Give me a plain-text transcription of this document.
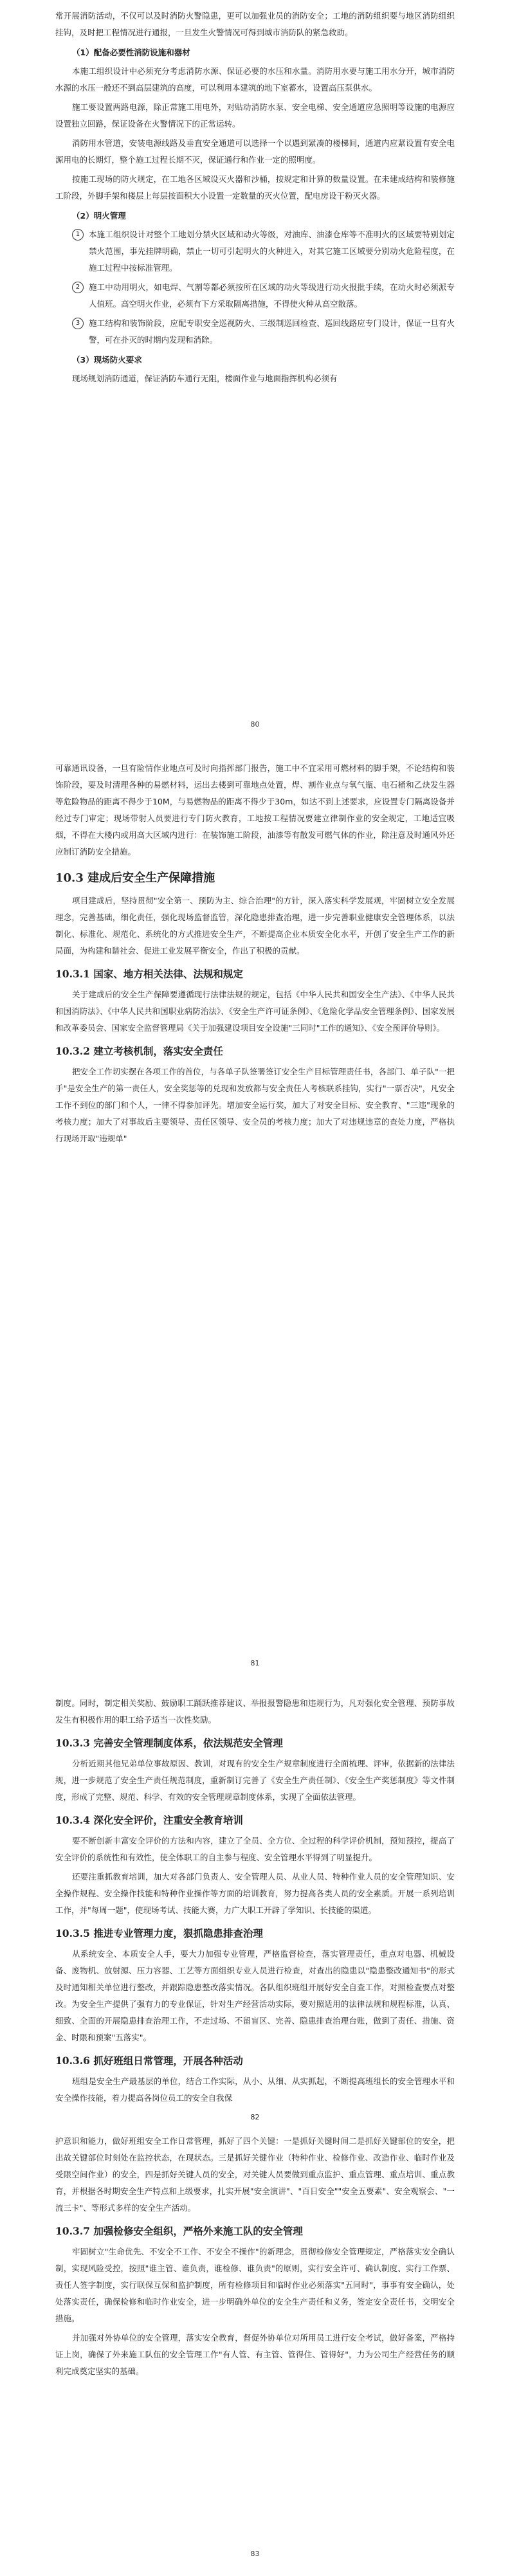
常开展消防活动，不仅可以及时消防火警隐患，更可以加强业员的消防安全；工地的消防组织要与地区消防组织挂钩，及时把工程情况进行通报，一旦发生火警情况可得到城市消防队的紧急救助。

（1）配备必要性消防设施和器材

本施工组织设计中必须充分考虑消防水源、保证必要的水压和水量。消防用水要与施工用水分开，城市消防水源的水压一般还不到高层建筑的高度，可以利用本建筑的地下室蓄水，设置高压泵供水。

施工要设置两路电源，除正常施工用电外，对贴动消防水泵、安全电梯、安全通道应急照明等设施的电源应设置独立回路，保证设备在火警情况下的正常运转。

消防用水管道，安装电源线路及垂直安全通道可以选择一个以遇到紧凑的楼梯间，通道内应紧设置有安全电源用电的长期灯，整个施工过程长期不灭，保证通行和作业一定的照明度。

按施工现场的防火规定，在工地各区域设灭火器和沙桶，按规定和计算的数量设置。在未建成结构和装修施工阶段，外脚手架和楼层上每层按面积大小设置一定数量的灭火位置，配电房设干粉灭火器。

（2）明火管理
1	本施工组织设计对整个工地划分禁火区域和动火等级，对油库、油漆仓库等不准明火的区域要特别划定禁火范围，事先挂牌明确，禁止一切可引起明火的火种进入，对其它施工区域要分别动火危险程度，在施工过程中按标准管理。
2	施工中动用明火，如电焊、气割等都必须按所在区域的动火等级进行动火报批手续，在动火时必须派专人值班。高空明火作业，必须有下方采取隔离措施，不得使火种从高空散落。
3	施工结构和装饰阶段，应配专职安全巡视防火、三级制巡回检查、巡回线路应专门设计，保证一旦有火警，可在扑灭的时期内发现和消除。
（3）现场防火要求

现场规划消防通道，保证消防车通行无阻，楼面作业与地面指挥机构必须有

80

可靠通讯设备，一旦有险情作业地点可及时向指挥部门报告，施工中不宜采用可燃材料的脚手架，不论结构和装饰阶段，要及时清理各种的易燃材料，运出去楼到可靠地点处置，焊、割作业点与氧气瓶、电石桶和乙炔发生器等危险物品的距离不得少于10M，与易燃物品的距离不得少于30m，如达不到上述要求，应设置专门隔离设备并经过专门审定；现场带射人员要进行专门防火教育，工地按工程情况要建立律制作业的安全规定，工地适宜吸烟，不得在大楼内或用高大区域内进行：在装饰施工阶段，油漆等有散发可燃气体的作业，除注意及时通风外还应制订消防安全措施。

10.3 建成后安全生产保障措施

项目建成后，坚持贯彻"安全第一、预防为主、综合治理"的方针，深入落实科学发展观，牢固树立安全发展理念，完善基础，细化责任，强化现场监督监管，深化隐患排查治理，进一步完善职业健康安全管理体系，以法制化、标准化、规范化、系统化的方式推进安全生产，不断提高企业本质安全化水平，开创了安全生产工作的新局面，为构建和谐社会、促进工业发展平衡安全，作出了积极的贡献。

10.3.1 国家、地方相关法律、法规和规定

关于建成后的安全生产保障要遵循现行法律法规的规定，包括《中华人民共和国安全生产法》、《中华人民共和国消防法》、《中华人民共和国职业病防治法》、《安全生产许可证条例》、《危险化学品安全管理条例》、国家发展和改革委员会、国家安全监督管理局《关于加强建设项目安全设施"三同时"工作的通知》、《安全预评价导则》。

10.3.2 建立考核机制，落实安全责任

把安全工作切实摆在各项工作的首位，与各单子队签署签订安全生产目标管理责任书，各部门、单子队"一把手"是安全生产的第一责任人，安全奖惩等的兑现和发放都与安全责任人考核联系挂钩，实行"一票否决"，凡安全工作不到位的部门和个人，一律不得参加评先。增加安全运行奖，加大了对安全目标、安全教育、"三违"现象的考核力度；加大了对事故后主要领导、责任区领导、安全员的考核力度；加大了对违规违章的查处力度，严格执行现场开取"违规单"

81

制度。同时，制定相关奖励、鼓励职工踊跃推荐建议、举报报警隐患和违规行为，凡对强化安全管理、预防事故发生有积极作用的职工给予适当一次性奖励。

10.3.3 完善安全管理制度体系，依法规范安全管理

分析近期其他兄弟单位事故原因、教训，对现有的安全生产规章制度进行全面梳理、评审，依据新的法律法规，进一步规范了安全生产责任规范制度，重新制订完善了《安全生产责任制》、《安全生产奖惩制度》等文件制度，形成了完整、规范、科学、有效的安全管理规章制度体系，实现了全面依法管理。

10.3.4 深化安全评价，注重安全教育培训

要不断创新丰富安全评价的方法和内容，建立了全员、全方位、全过程的科学评价机制，预知预控，提高了安全评价的系统性和有效性，使全体职工的自主参与程度、安全管理水平得到了明显提升。

还要注重抓教育培训，加大对各部门负责人、安全管理人员、从业人员、特种作业人员的安全管理知识、安全操作规程、安全操作技能和特种作业操作等方面的培训教育，努力提高各类人员的安全素质。开展一系列培训工作，并"每周一题"，使现场考试、技能大赛，力广大职工开辟了学知识、长技能的渠道。

10.3.5 推进专业管理力度，狠抓隐患排查治理

从系统安全、本质安全人手，要大力加强专业管理，严格监督检查，落实管理责任，重点对电器、机械设备、废物机、放射源、压力容器、工艺等方面组织专业人员进行检查，对查出的隐患以"隐患整改通知书"的形式及时通知相关单位进行整改，并跟踪隐患整改落实情况。各队组织班组开展好安全自查工作，对照检查要点对整改。为安全生产提供了强有力的专业保证，针对生产经营活动实际，要对照适用的法律法规和规程标准，认真、细致、全面的开展隐患排查治理工作，不走过场、不留盲区、完善、隐患排查治理台账，做到了责任、措施、资金、时限和预案"五落实"。

10.3.6 抓好班组日常管理，开展各种活动

班组是安全生产最基层的单位，结合工作实际，从小、从细、从实抓起，不断提高班组长的安全管理水平和安全操作技能，着力提高各岗位员工的安全自我保

82

护意识和能力，做好班组安全工作日常管理，抓好了四个关键：一是抓好关键时间二是抓好关键部位的安全，把出故关键部位时刻处在监控状态，在现状态。三是抓好关键作业（特种作业、检修作业、改造作业、临时作业及受限空间作业）的安全，四是抓好关键人员的安全，对关键人员要做到重点监护、重点管理、重点培训、重点教育，并根据各时期安全生产特点和上级要求，扎实开展"安全演讲"、"百日安全""安全五要素"、安全观察会、"一流三卡"、等形式多样的安全生产活动。

10.3.7 加强检修安全组织，严格外来施工队的安全管理

牢固树立"生命优先、不安全不工作、不安全不操作"的新理念，贯彻检修安全管理规定，严格落实安全确认制，实现风险受控，按照"谁主管、谁负责，谁检修、谁负责"的原则，实行安全许可、确认制度、实行工作票、责任人签字制度，实行联保互保和监护制度，所有检修项目和临时作业必须落实"五同时"，事事有安全确认，处处落实责任，确保检修和临时作业安全，进一步明确外单位的安全生产责任和义务，签定安全责任书，交明安全措施。

并加强对外协单位的安全管理，落实安全教育，督促外协单位对所用员工进行安全考试，做好备案，严格持证上岗，确保了外来施工队伍的安全管理工作"有人管、有主管、管得住、管得好"，力为公司生产经营任务的顺利完成奠定坚实的基础。

83
